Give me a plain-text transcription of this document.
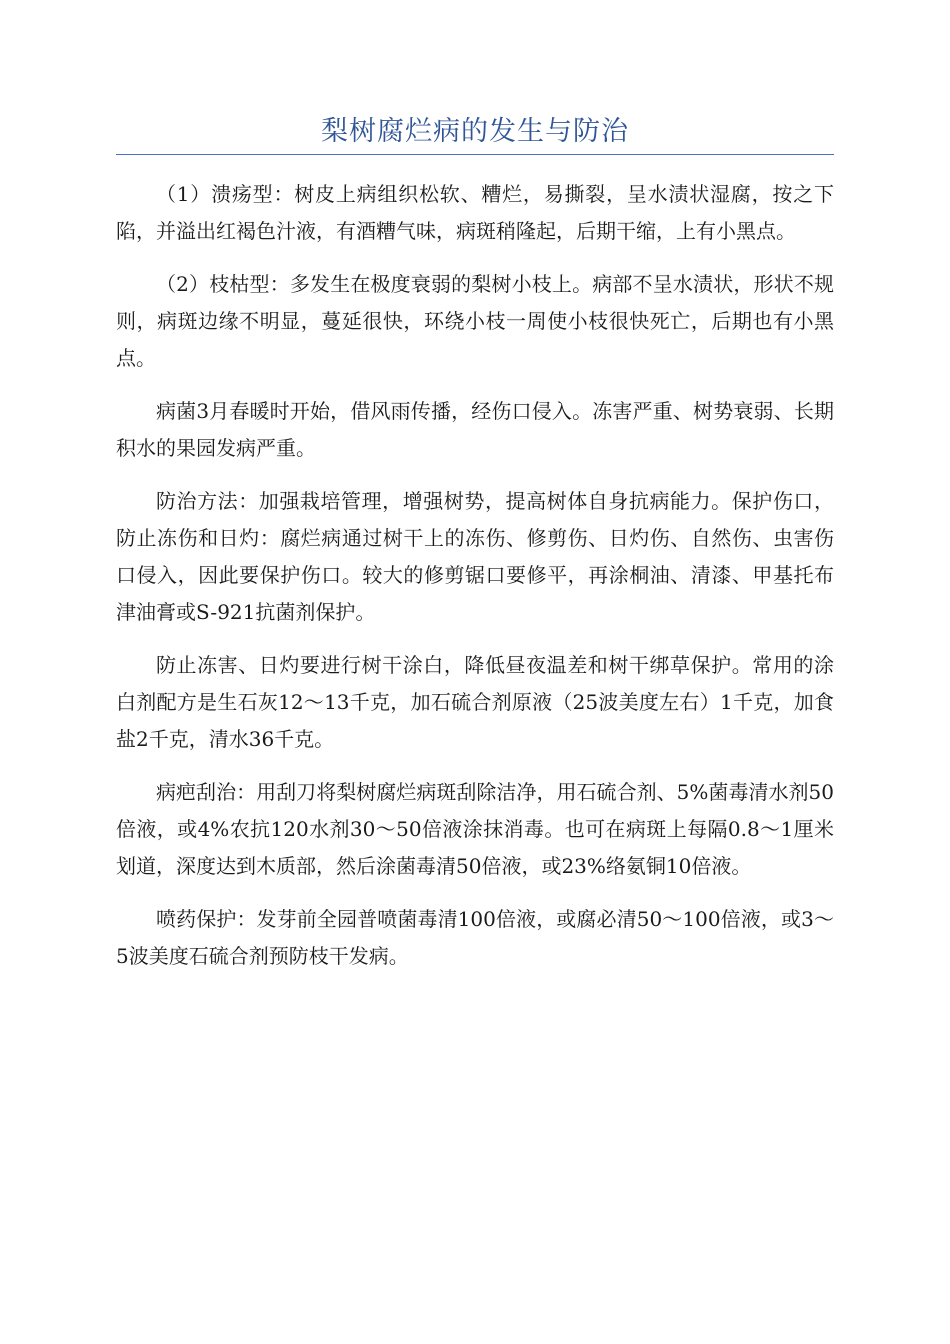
梨树腐烂病的发生与防治

（1）溃疡型：树皮上病组织松软、糟烂，易撕裂，呈水渍状湿腐，按之下陷，并溢出红褐色汁液，有酒糟气味，病斑稍隆起，后期干缩，上有小黑点。

（2）枝枯型：多发生在极度衰弱的梨树小枝上。病部不呈水渍状，形状不规则，病斑边缘不明显，蔓延很快，环绕小枝一周使小枝很快死亡，后期也有小黑点。

病菌3月春暖时开始，借风雨传播，经伤口侵入。冻害严重、树势衰弱、长期积水的果园发病严重。

防治方法：加强栽培管理，增强树势，提高树体自身抗病能力。保护伤口，防止冻伤和日灼：腐烂病通过树干上的冻伤、修剪伤、日灼伤、自然伤、虫害伤口侵入，因此要保护伤口。较大的修剪锯口要修平，再涂桐油、清漆、甲基托布津油膏或S-921抗菌剂保护。

防止冻害、日灼要进行树干涂白，降低昼夜温差和树干绑草保护。常用的涂白剂配方是生石灰12～13千克，加石硫合剂原液（25波美度左右）1千克，加食盐2千克，清水36千克。

病疤刮治：用刮刀将梨树腐烂病斑刮除洁净，用石硫合剂、5%菌毒清水剂50倍液，或4%农抗120水剂30～50倍液涂抹消毒。也可在病斑上每隔0.8～1厘米划道，深度达到木质部，然后涂菌毒清50倍液，或23%络氨铜10倍液。

喷药保护：发芽前全园普喷菌毒清100倍液，或腐必清50～100倍液，或3～5波美度石硫合剂预防枝干发病。
